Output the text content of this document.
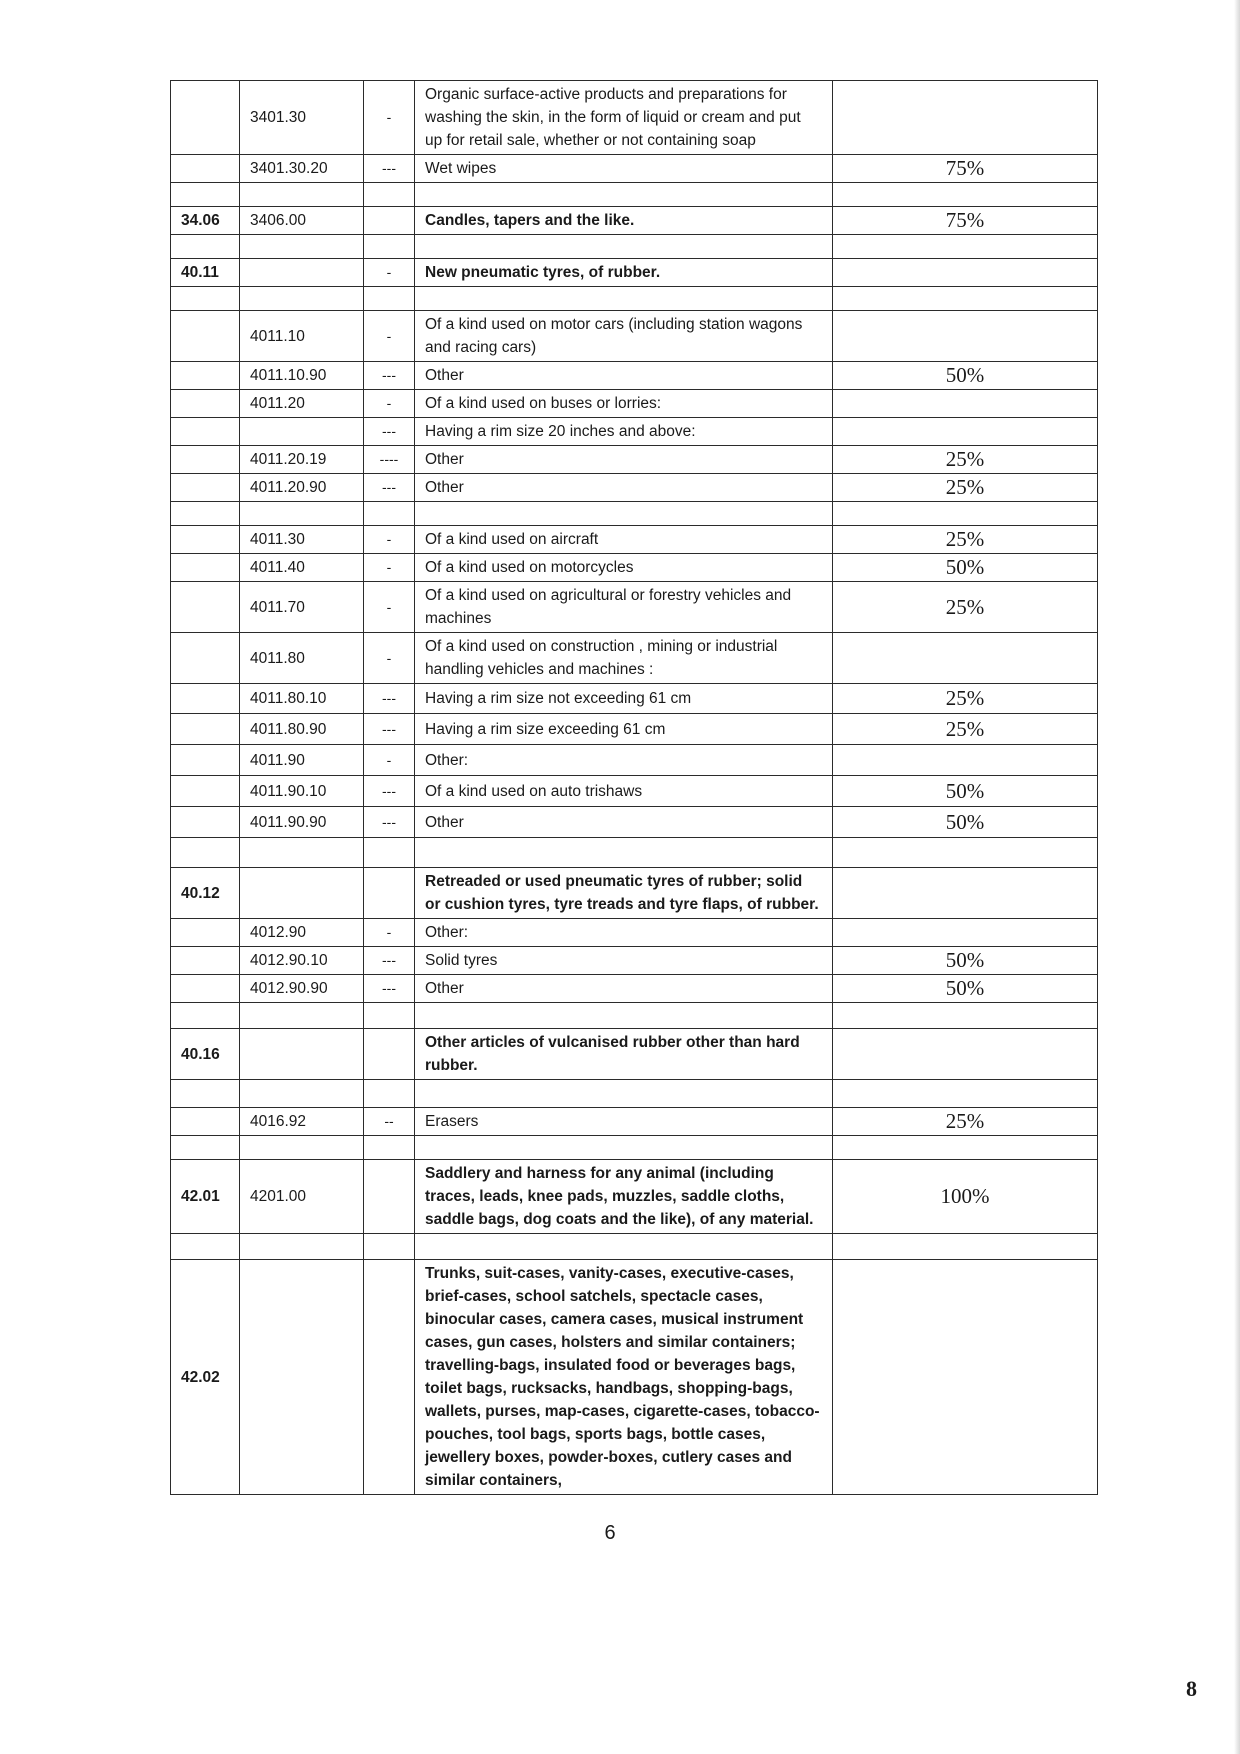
	3401.30	-	Organic surface-active products and preparations for washing the skin, in the form of liquid or cream and put up for retail sale, whether or not containing soap	
	3401.30.20	---	Wet wipes	75%

34.06	3406.00		Candles, tapers and the like.	75%

40.11		-	New pneumatic tyres, of rubber.	

	4011.10	-	Of a kind used on motor cars (including station wagons and racing cars)	
	4011.10.90	---	Other	50%
	4011.20	-	Of a kind used on buses or lorries:	
		---	Having a rim size 20 inches and above:	
	4011.20.19	----	Other	25%
	4011.20.90	---	Other	25%

	4011.30	-	Of a kind used on aircraft	25%
	4011.40	-	Of a kind used on motorcycles	50%
	4011.70	-	Of a kind used on agricultural or forestry vehicles and machines	25%
	4011.80	-	Of a kind used on construction , mining or industrial handling vehicles and machines :	
	4011.80.10	---	Having a rim size not exceeding 61 cm	25%
	4011.80.90	---	Having a rim size exceeding 61 cm	25%
	4011.90	-	Other:	
	4011.90.10	---	Of a kind used on auto trishaws	50%
	4011.90.90	---	Other	50%

40.12			Retreaded or used pneumatic tyres of rubber; solid or cushion tyres, tyre treads and tyre flaps, of rubber.	
	4012.90	-	Other:	
	4012.90.10	---	Solid tyres	50%
	4012.90.90	---	Other	50%

40.16			Other articles of vulcanised rubber other than hard rubber.	

	4016.92	--	Erasers	25%

42.01	4201.00		Saddlery and harness for any animal (including traces, leads, knee pads, muzzles, saddle cloths, saddle bags, dog coats and the like), of any material.	100%

42.02			Trunks, suit-cases, vanity-cases, executive-cases, brief-cases, school satchels, spectacle cases, binocular cases, camera cases, musical instrument cases, gun cases, holsters and similar containers; travelling-bags, insulated food or beverages bags, toilet bags, rucksacks, handbags, shopping-bags, wallets, purses, map-cases, cigarette-cases, tobacco-pouches, tool bags, sports bags, bottle cases, jewellery boxes, powder-boxes, cutlery cases and similar containers,	
6
8
